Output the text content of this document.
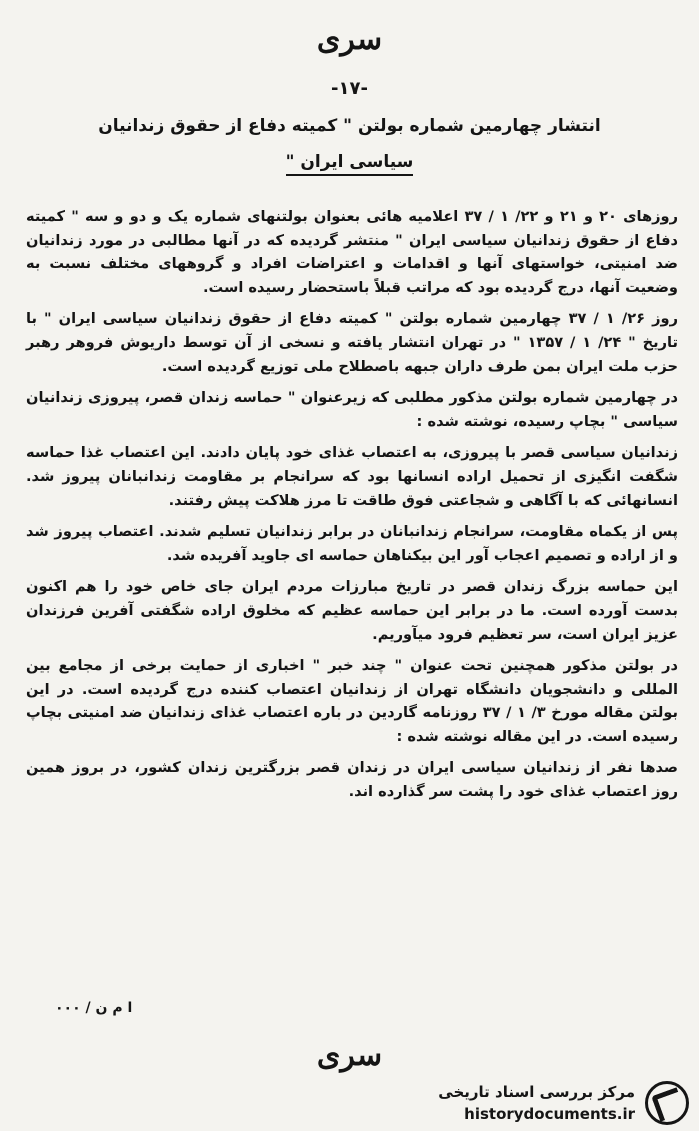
سری
-۱۷-
انتشار چهارمین شماره بولتن " کمیته دفاع از حقوق زندانیان
سیاسی ایران "

روزهای ۲۰ و ۲۱ و ۲۲/ ۱ / ۳۷ اعلامیه هائی بعنوان بولتنهای شماره یک و دو و سه " کمیته دفاع از حقوق زندانیان سیاسی ایران " منتشر گردیده که در آنها مطالبی در مورد زندانیان ضد امنیتی، خواستهای آنها و اقدامات و اعتراضات افراد و گروههای مختلف نسبت به وضعیت آنها، درج گردیده بود که مراتب قبلاً باستحضار رسیده است.

روز ۲۶/ ۱ / ۳۷ چهارمین شماره بولتن " کمیته دفاع از حقوق زندانیان سیاسی ایران " با تاریخ " ۲۴/ ۱ / ۱۳۵۷ " در تهران انتشار یافته و نسخی از آن توسط داریوش فروهر رهبر حزب ملت ایران بمن طرف داران جبهه باصطلاح ملی توزیع گردیده است.

در چهارمین شماره بولتن مذکور مطلبی که زیرعنوان " حماسه زندان قصر، پیروزی زندانیان سیاسی " بچاپ رسیده، نوشته شده :

زندانیان سیاسی قصر با پیروزی، به اعتصاب غذای خود پایان دادند. این اعتصاب غذا حماسه شگفت انگیزی از تحمیل اراده انسانها بود که سرانجام بر مقاومت زندانبانان پیروز شد. انسانهائی که با آگاهی و شجاعتی فوق طاقت تا مرز هلاکت پیش رفتند.

پس از یکماه مقاومت، سرانجام زندانبانان در برابر زندانیان تسلیم شدند. اعتصاب پیروز شد و از اراده و تصمیم اعجاب آور این بیکناهان حماسه ای جاوید آفریده شد.

این حماسه بزرگ زندان قصر در تاریخ مبارزات مردم ایران جای خاص خود را هم اکنون بدست آورده است. ما در برابر این حماسه عظیم که مخلوق اراده شگفتی آفرین فرزندان عزیز ایران است، سر تعظیم فرود میآوریم.

در بولتن مذکور همچنین تحت عنوان " چند خبر " اخباری از حمایت برخی از مجامع بین المللی و دانشجویان دانشگاه تهران از زندانیان اعتصاب کننده درج گردیده است. در این بولتن مقاله مورخ ۳/ ۱ / ۳۷ روزنامه گاردین در باره اعتصاب غذای زندانیان ضد امنیتی بچاپ رسیده است. در این مقاله نوشته شده :

صدها نفر از زندانیان سیاسی ایران در زندان قصر بزرگترین زندان کشور، در بروز همین روز اعتصاب غذای خود را پشت سر گذارده اند.

ا م ن / ۰۰۰
سری
مرکز بررسی اسناد تاریخی
historydocuments.ir
